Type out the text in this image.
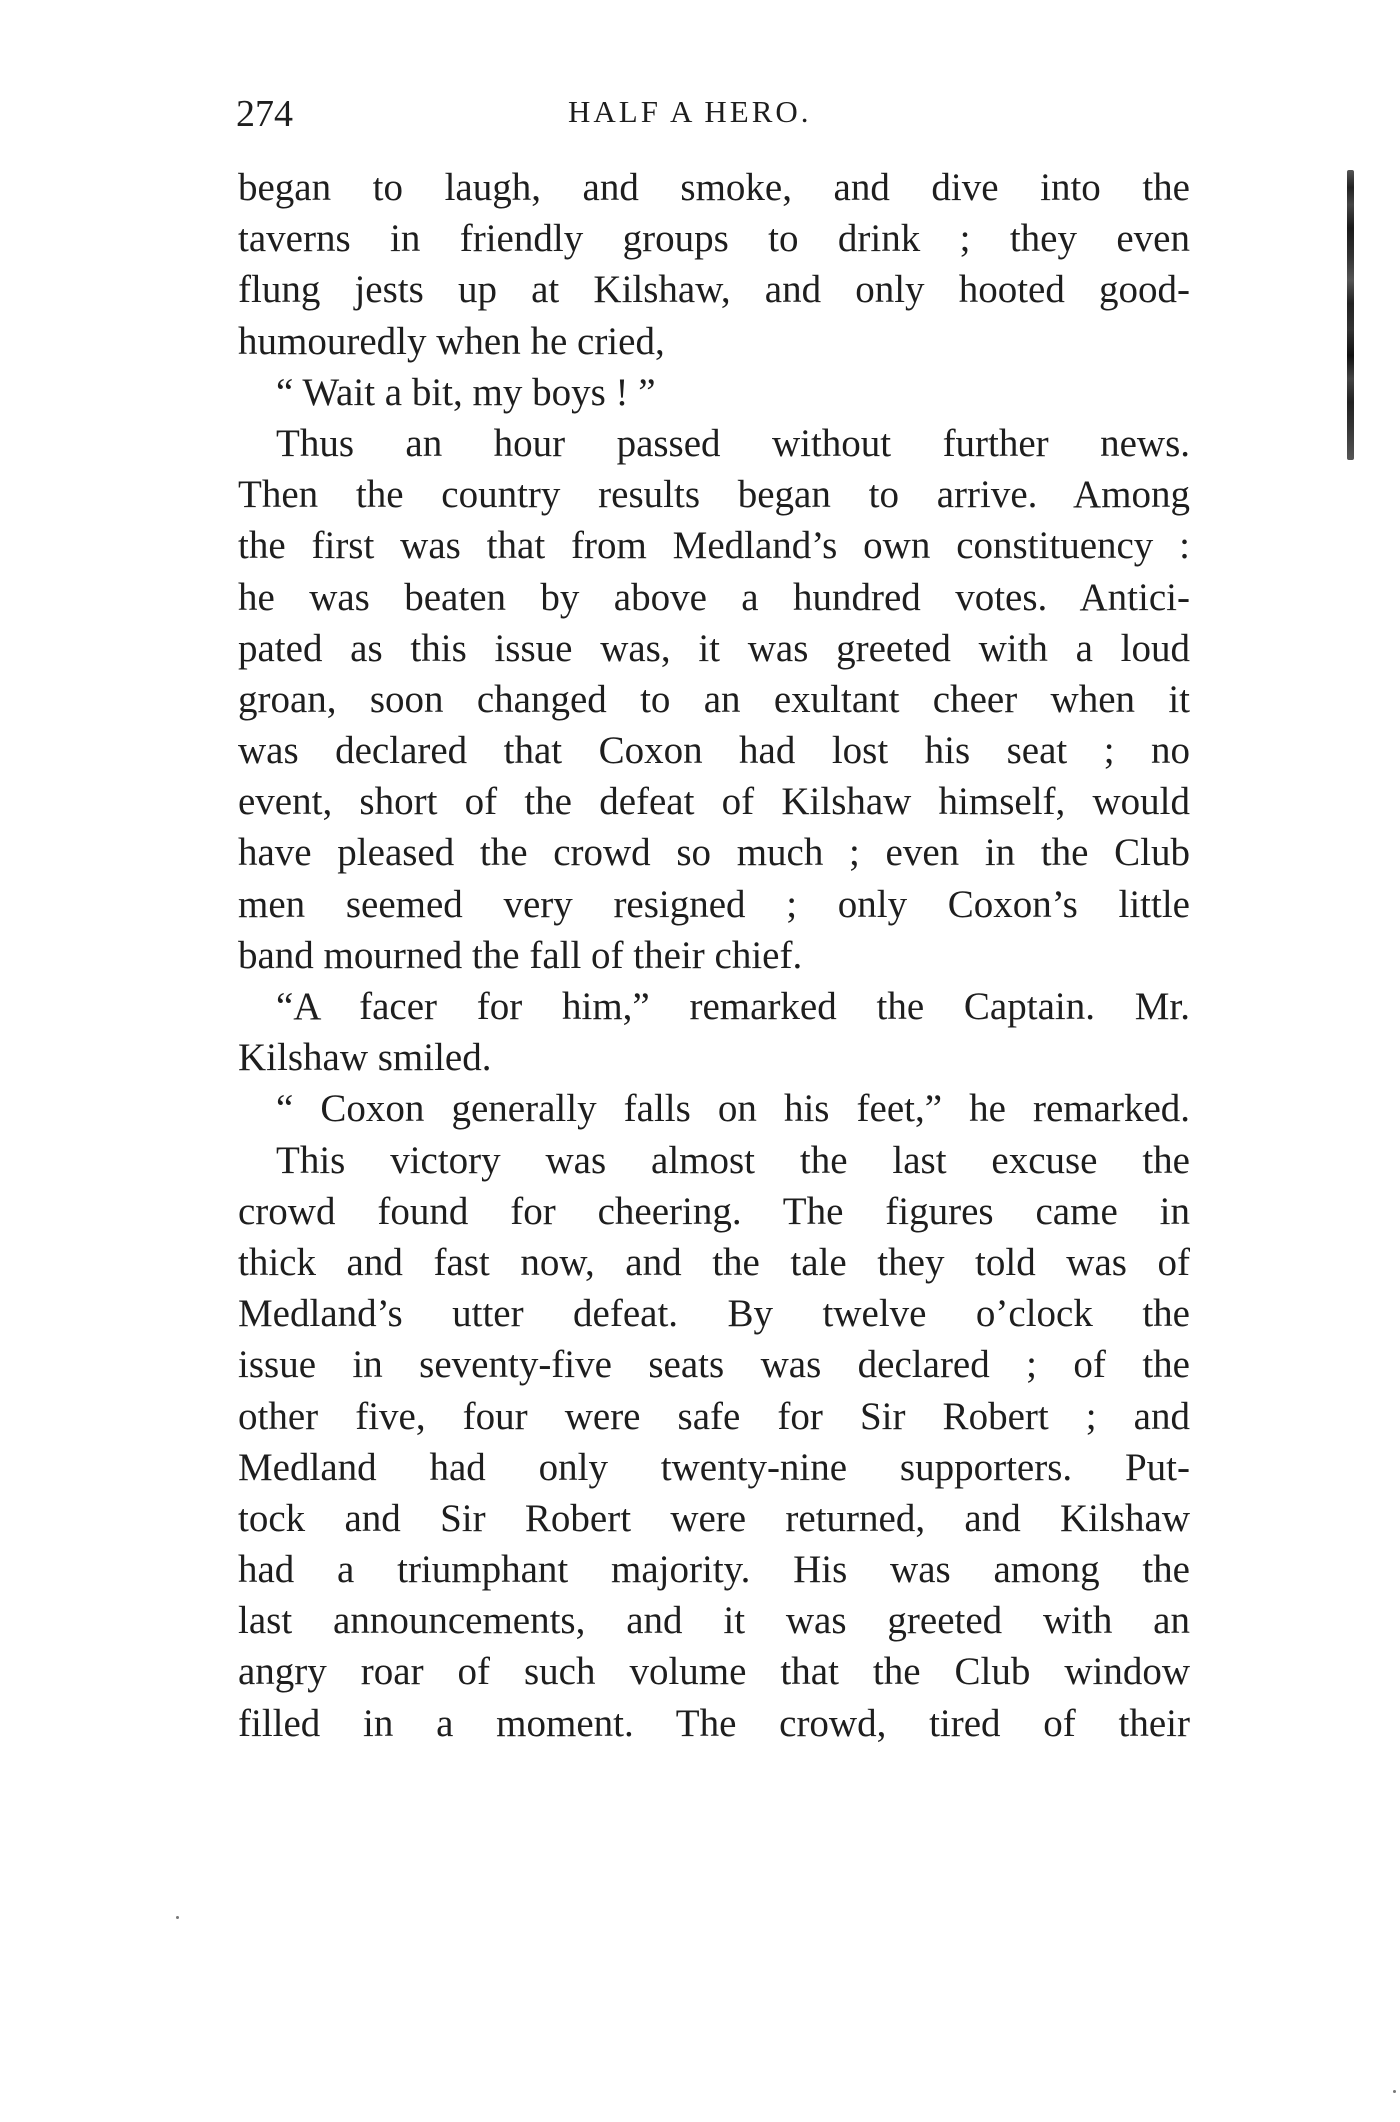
274	HALF A HERO.
began to laugh, and smoke, and dive into the
taverns in friendly groups to drink ; they even
flung jests up at Kilshaw, and only hooted good-
humouredly when he cried,
“ Wait a bit, my boys ! ”
Thus an hour passed without further news.
Then the country results began to arrive. Among
the first was that from Medland’s own constituency :
he was beaten by above a hundred votes. Antici-
pated as this issue was, it was greeted with a loud
groan, soon changed to an exultant cheer when it
was declared that Coxon had lost his seat ; no
event, short of the defeat of Kilshaw himself, would
have pleased the crowd so much ; even in the Club
men seemed very resigned ; only Coxon’s little
band mourned the fall of their chief.
“A facer for him,” remarked the Captain. Mr.
Kilshaw smiled.
“ Coxon generally falls on his feet,” he remarked.
This victory was almost the last excuse the
crowd found for cheering. The figures came in
thick and fast now, and the tale they told was of
Medland’s utter defeat. By twelve o’clock the
issue in seventy-five seats was declared ; of the
other five, four were safe for Sir Robert ; and
Medland had only twenty-nine supporters. Put-
tock and Sir Robert were returned, and Kilshaw
had a triumphant majority. His was among the
last announcements, and it was greeted with an
angry roar of such volume that the Club window
filled in a moment. The crowd, tired of their
